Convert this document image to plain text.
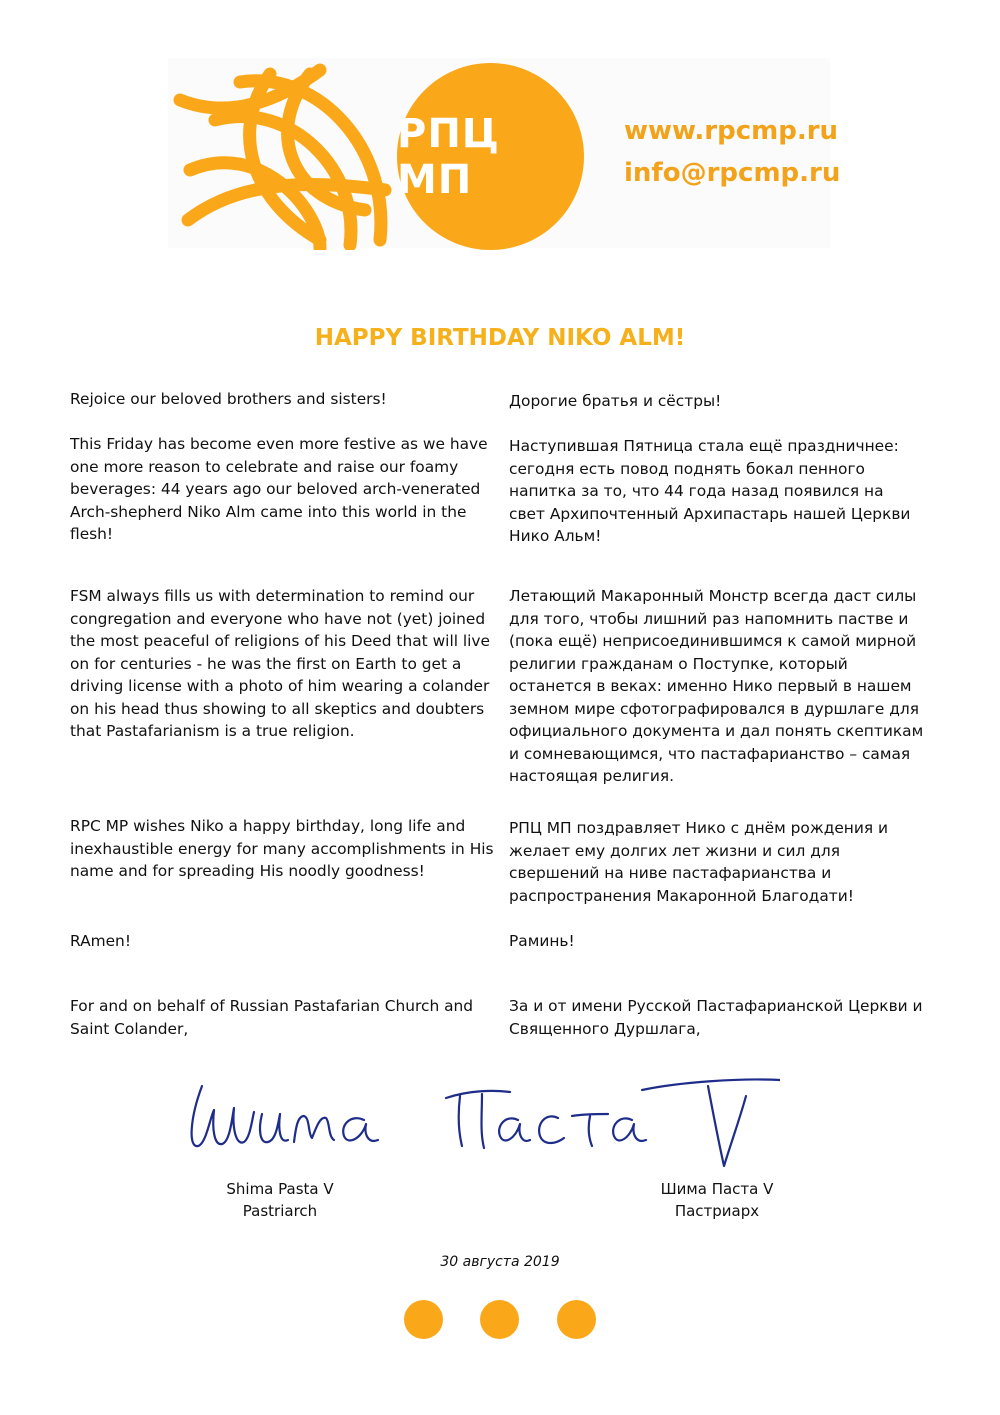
РПЦ МП
www.rpcmp.ru
info@rpcmp.ru
HAPPY BIRTHDAY NIKO ALM!
Rejoice our beloved brothers and sisters!
This Friday has become even more festive as we have one more reason to celebrate and raise our foamy beverages: 44 years ago our beloved arch-venerated Arch-shepherd Niko Alm came into this world in the flesh!
FSM always fills us with determination to remind our congregation and everyone who have not (yet) joined the most peaceful of religions of his Deed that will live on for centuries - he was the first on Earth to get a driving license with a photo of him wearing a colander on his head thus showing to all skeptics and doubters that Pastafarianism is a true religion.
RPC MP wishes Niko a happy birthday, long life and inexhaustible energy for many accomplishments in His name and for spreading His noodly goodness!
RAmen!
For and on behalf of Russian Pastafarian Church and Saint Colander,
Дорогие братья и сёстры!
Наступившая Пятница стала ещё праздничнее: сегодня есть повод поднять бокал пенного напитка за то, что 44 года назад появился на свет Архипочтенный Архипастарь нашей Церкви Нико Альм!
Летающий Макаронный Монстр всегда даст силы для того, чтобы лишний раз напомнить пастве и (пока ещё) неприсоединившимся к самой мирной религии гражданам о Поступке, который останется в веках: именно Нико первый в нашем земном мире сфотографировался в дуршлаге для официального документа и дал понять скептикам и сомневающимся, что пастафарианство – самая настоящая религия.
РПЦ МП поздравляет Нико с днём рождения и желает ему долгих лет жизни и сил для свершений на ниве пастафарианства и распространения Макаронной Благодати!
Раминь!
За и от имени Русской Пастафарианской Церкви и Священного Дуршлага,
Shima Pasta V
Pastriarch
Шима Паста V
Пастриарх
30 августа 2019
